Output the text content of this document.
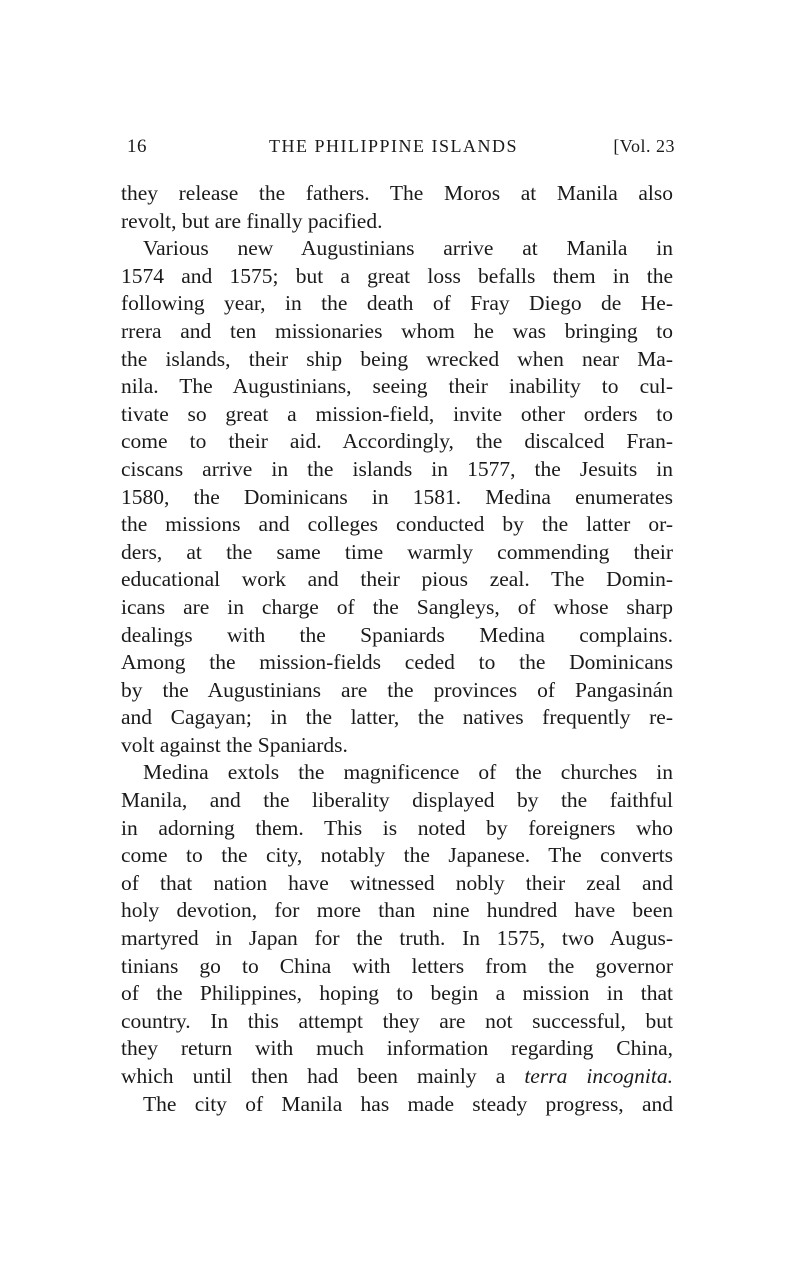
16	THE PHILIPPINE ISLANDS	[Vol. 23
they release the fathers. The Moros at Manila also
revolt, but are finally pacified.
Various new Augustinians arrive at Manila in
1574 and 1575; but a great loss befalls them in the
following year, in the death of Fray Diego de He-
rrera and ten missionaries whom he was bringing to
the islands, their ship being wrecked when near Ma-
nila. The Augustinians, seeing their inability to cul-
tivate so great a mission-field, invite other orders to
come to their aid. Accordingly, the discalced Fran-
ciscans arrive in the islands in 1577, the Jesuits in
1580, the Dominicans in 1581. Medina enumerates
the missions and colleges conducted by the latter or-
ders, at the same time warmly commending their
educational work and their pious zeal. The Domin-
icans are in charge of the Sangleys, of whose sharp
dealings with the Spaniards Medina complains.
Among the mission-fields ceded to the Dominicans
by the Augustinians are the provinces of Pangasinán
and Cagayan; in the latter, the natives frequently re-
volt against the Spaniards.
Medina extols the magnificence of the churches in
Manila, and the liberality displayed by the faithful
in adorning them. This is noted by foreigners who
come to the city, notably the Japanese. The converts
of that nation have witnessed nobly their zeal and
holy devotion, for more than nine hundred have been
martyred in Japan for the truth. In 1575, two Augus-
tinians go to China with letters from the governor
of the Philippines, hoping to begin a mission in that
country. In this attempt they are not successful, but
they return with much information regarding China,
which until then had been mainly a terra incognita.
The city of Manila has made steady progress, and
